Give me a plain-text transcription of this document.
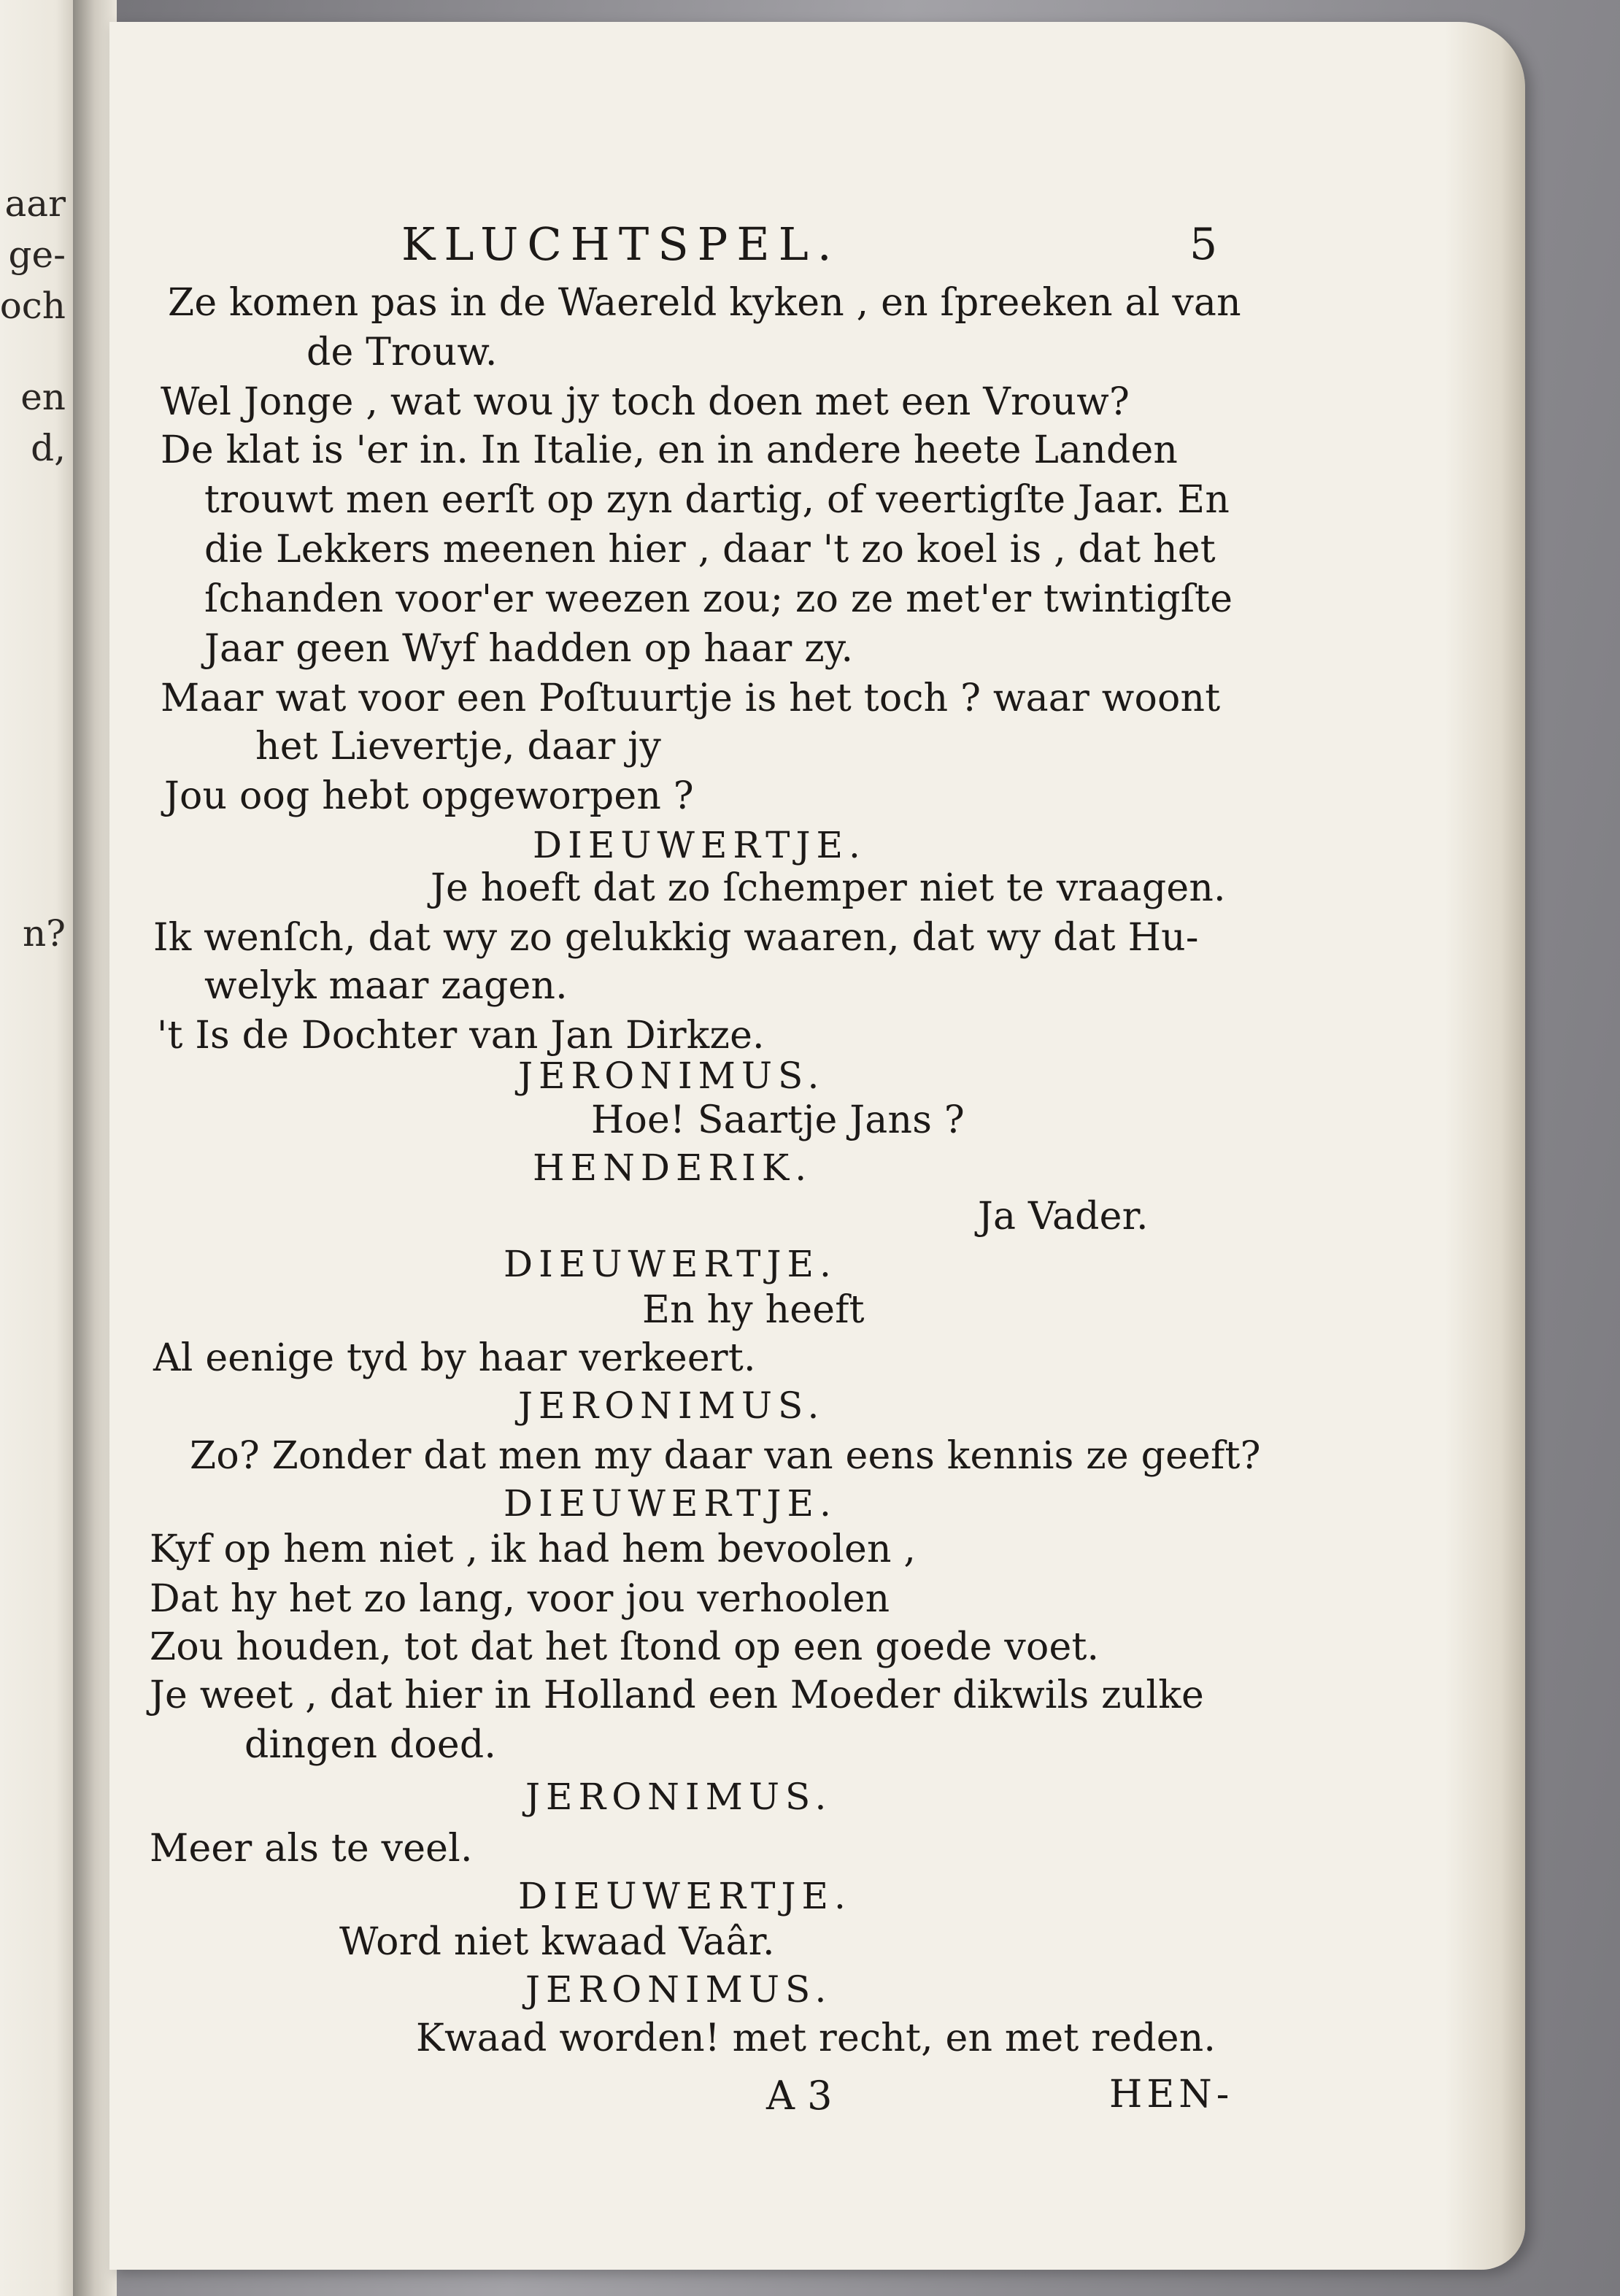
aar
ge-
och
en
d,
n?
KLUCHTSPEL.	5
Ze komen pas in de Waereld kyken , en ſpreeken al van
de Trouw.
Wel Jonge , wat wou jy toch doen met een Vrouw?
De klat is 'er in. In Italie, en in andere heete Landen
trouwt men eerſt op zyn dartig, of veertigſte Jaar. En
die Lekkers meenen hier , daar 't zo koel is , dat het
ſchanden voor'er weezen zou; zo ze met'er twintigſte
Jaar geen Wyf hadden op haar zy.
Maar wat voor een Poſtuurtje is het toch ? waar woont
het Lievertje, daar jy
Jou oog hebt opgeworpen ?
DIEUWERTJE.
Je hoeft dat zo ſchemper niet te vraagen.
Ik wenſch, dat wy zo gelukkig waaren, dat wy dat Hu-
welyk maar zagen.
't Is de Dochter van Jan Dirkze.
JERONIMUS.
Hoe! Saartje Jans ?
HENDERIK.
Ja Vader.
DIEUWERTJE.
En hy heeft
Al eenige tyd by haar verkeert.
JERONIMUS.
Zo? Zonder dat men my daar van eens kennis ze geeft?
DIEUWERTJE.
Kyf op hem niet , ik had hem bevoolen ,
Dat hy het zo lang, voor jou verhoolen
Zou houden, tot dat het ſtond op een goede voet.
Je weet , dat hier in Holland een Moeder dikwils zulke
dingen doed.
JERONIMUS.
Meer als te veel.
DIEUWERTJE.
Word niet kwaad Vaâr.
JERONIMUS.
Kwaad worden! met recht, en met reden.
A 3	HEN-
